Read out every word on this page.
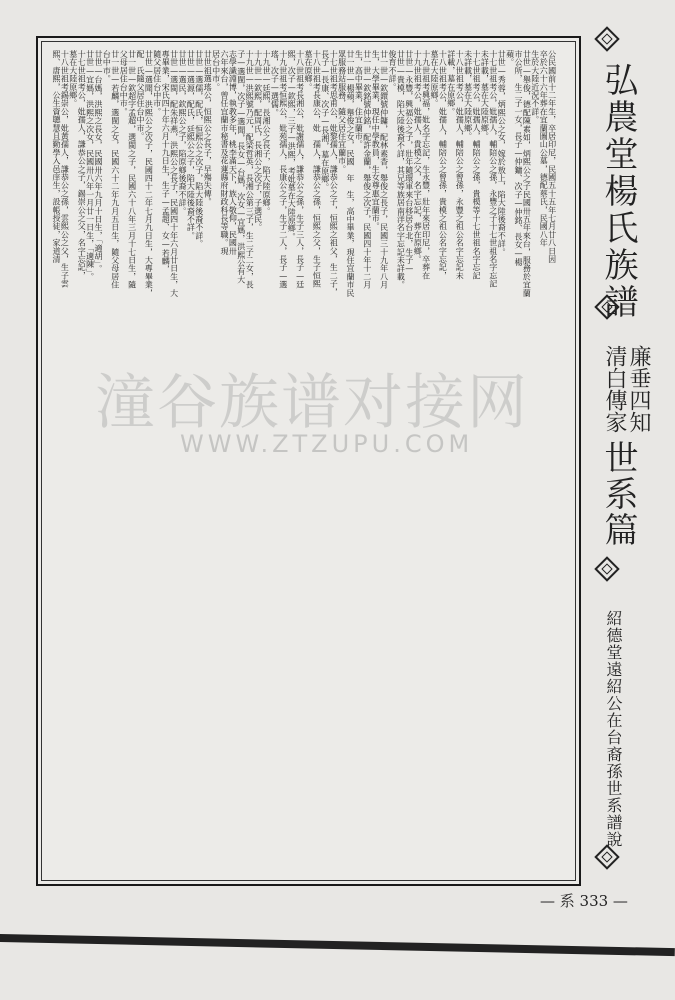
公民國前十二年生，卒居印尼，民國五十五年七月廿八日因
卒於六十六年葬在宜蘭圖山公墓，德配蔡氏，民國八年
生於大陸近況不詳。
廿世—舉俊，德配陳素如，炳熙公之子民國卅五年來台，服務於宜蘭
市公所，生二子一女，長子—仲鏞、次子—仲銘、長女—楊
蘋。
廿世—秀蓉，炳熙公之女，嫁於敖上，陷大陸後裔不詳。
十七世祖考公，妣孺人，輔陪公之孫，永豐之子十七世祖名字忘記
未詳載，墓在大陸原鄉。
十七世祖考公，妣孺人，輔陪公之孫，貴模等十七世祖名字忘記
未詳載，墓在大陸原鄉。
十八世祖考公，妣孺人，輔陪公之曾孫，永豐之祖公名字忘記未
詳載，墓在原鄉。
十八世祖考公，妣孺人，輔陪公之曾孫，貴模之祖公名字忘記，
墓在大陸原鄉。
十九世祖考興福，妣名字忘記，生永豐，壯年來居印尼，卒葬在
十九世祖考公，妣孺人，貴模之父，名字忘記，葬在原鄉。
廿世—永豐，興福公之子，壯年隨環軍來台移居台北，生子—
廿世—貴模，陷大陸後裔不詳，其兄等族居南洋名字忘記未詳載。
俊育不詳。
廿一世—欽鐶號仲鏞，配林素香，舉俊之長子，民國三十九年八月
生，大學畢業，現任中學教員，生女尊惠宜蘭市。
廿一世—欽銘號仲銘，配許金蘭，舉俊之次子，民國四十年十二月
生，高中畢業，住宜蘭市。
廿一世—楊蘋，舉俊之女，民國　年　生，高中畢業，現住宜蘭市民
眾服務站服務，隨父居住宜蘭市。
十七世祖考思甫公，妣黎孺人，謙恭公之子，恒熙之祖父，生二子，
長子—長康、次子—長湘，墓在原鄉。
十八世祖考長康公，妣　孺人，謙恭公之孫，恒熙之父，生子恒熙
墓在原鄉。
十八世祖考長湘公，妣謝孺人，謙恭公之孫，生子三人，長子—廷
熙，次子—欽熙，三子—洪熙，考妣墓在大陸原鄉。
十九世祖考恒熙公，妣苑孺人，長康公之子，生子二人，長子—選
瑤，次子—選儒。
十九世—廷熙，長湘公之長子，陷大陸原鄉。
十九世—欽熙，配周氏，長湘公之次子，子選民。
十九世—洪熙號乃元，配梁哲英，長湘公第三子，生二子二女，長
子—選閩，次子—選聞，長女—台媽，次女—宜媽，洪熙公有大
志學識淵博，執教多年，桃李滿天下，族人敬仰，民國卅
六年來台，曾任宜蘭市秘書及花蓮縣府財政科長等職。現
居台中市。
廿世祖選瑤公，恒熙公之長子，早殤失傳。
廿世—選儒，配氏，恒熙公之次子，陷大陸後裔不詳。
廿世—選源，配氏，廷熙公之子，陷大陸後裔不詳。
廿世—選民，欽熙公之子，陷原鄉後裔不詳。
廿世—選閩，配朱祥燕，洪熙公之長子，民國四十年六月廿日生，大
專畢業，宋氏四十年六月十九日生，生子—孟超、女—若麟，
隨父居住台中市。
廿世—選聞，洪熙公之次子，民國四十二年七月九日生，大專畢業，
配　氏隨父居住台中市。
廿一世—欽超字孟超，選閩之子，民國六十八年三月十七日生，隨
父母居住台中市。
廿一世—若麟，選閩之女，民國六十二年九月五日生，隨父母居住
台中市。
廿世—台媽，洪熙之長女，民國卅六年九月十日生，「適胡」。
廿世—宜媽，洪熙之次女，民國卅八年一月廿一日生，「適陳」。
十七世祖考公，妣孺人，謙恭公之子，錫崇公之父，名字忘記，
墓在大陸原鄉。
十八世祖考錫崇公，妣黃孺人，謙恭公之孫，雲熙公之父，生子雲
熙、唐熙，公生資聰慧且勤學入邑庠生，設帳授徒，家道清
潼谷族谱对接网
WWW.ZTZUPU.COM
弘農堂楊氏族譜
廉垂四知
清白傳家
世系篇
紹德堂遠紹公在台裔孫世系譜說
— 系 333 —
